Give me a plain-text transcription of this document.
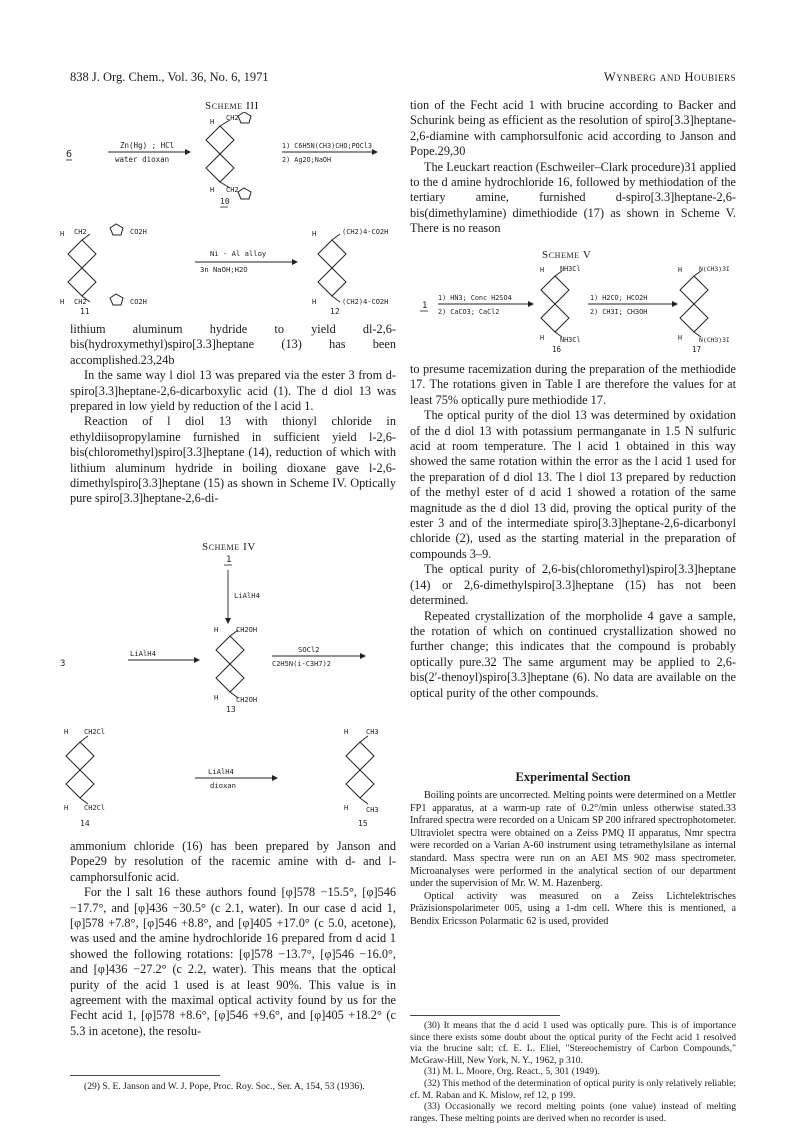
838 J. Org. Chem., Vol. 36, No. 6, 1971	Wynberg and Houbiers
Scheme III
6
Zn(Hg) ; HCl
water dioxan
H CH2
H CH2
10
1) C6H5N(CH3)CHO;POCl3
2) Ag2O;NaOH
H CH2	CO2H
H CH2	CO2H
11
Ni - Al alloy
3n NaOH;H2O
H	(CH2)4-CO2H
H	(CH2)4-CO2H
12

lithium aluminum hydride to yield dl-2,6-bis(hydroxymethyl)spiro[3.3]heptane (13) has been accomplished.23,24b

In the same way l diol 13 was prepared via the ester 3 from d-spiro[3.3]heptane-2,6-dicarboxylic acid (1). The d diol 13 was prepared in low yield by reduction of the l acid 1.

Reaction of l diol 13 with thionyl chloride in ethyldiisopropylamine furnished in sufficient yield l-2,6-bis(chloromethyl)spiro[3.3]heptane (14), reduction of which with lithium aluminum hydride in boiling dioxane gave l-2,6-dimethylspiro[3.3]heptane (15) as shown in Scheme IV. Optically pure spiro[3.3]heptane-2,6-di-

Scheme IV
1
LiAlH4
H	CH2OH
H	CH2OH
13
3
LiAlH4	SOCl2
C2H5N(i-C3H7)2
H CH2Cl
H CH2Cl
14
LiAlH4
dioxan
H	CH3
H	CH3
15

ammonium chloride (16) has been prepared by Janson and Pope29 by resolution of the racemic amine with d- and l-camphorsulfonic acid.

For the l salt 16 these authors found [φ]578 −15.5°, [φ]546 −17.7°, and [φ]436 −30.5° (c 2.1, water). In our case d acid 1, [φ]578 +7.8°, [φ]546 +8.8°, and [φ]405 +17.0° (c 5.0, acetone), was used and the amine hydrochloride 16 prepared from d acid 1 showed the following rotations: [φ]578 −13.7°, [φ]546 −16.0°, and [φ]436 −27.2° (c 2.2, water). This means that the optical purity of the acid 1 used is at least 90%. This value is in agreement with the maximal optical activity found by us for the Fecht acid 1, [φ]578 +8.6°, [φ]546 +9.6°, and [φ]405 +18.2° (c 5.3 in acetone), the resolu-

(29) S. E. Janson and W. J. Pope, Proc. Roy. Soc., Ser. A, 154, 53 (1936).

tion of the Fecht acid 1 with brucine according to Backer and Schurink being as efficient as the resolution of spiro[3.3]heptane-2,6-diamine with camphorsulfonic acid according to Janson and Pope.29,30

The Leuckart reaction (Eschweiler–Clark procedure)31 applied to the d amine hydrochloride 16, followed by methiodation of the tertiary amine, furnished d-spiro[3.3]heptane-2,6-bis(dimethylamine) dimethiodide (17) as shown in Scheme V. There is no reason

Scheme V
1
1) HN3; Conc H2SO4
2) CaCO3; CaCl2
H NH3Cl
H NH3Cl
16
1) H2CO; HCO2H
2) CH3I; CH3OH
H	N(CH3)3I
H	N(CH3)3I
17

to presume racemization during the preparation of the methiodide 17. The rotations given in Table I are therefore the values for at least 75% optically pure methiodide 17.

The optical purity of the diol 13 was determined by oxidation of the d diol 13 with potassium permanganate in 1.5 N sulfuric acid at room temperature. The l acid 1 obtained in this way showed the same rotation within the error as the l acid 1 used for the preparation of d diol 13. The l diol 13 prepared by reduction of the methyl ester of d acid 1 showed a rotation of the same magnitude as the d diol 13 did, proving the optical purity of the ester 3 and of the intermediate spiro[3.3]heptane-2,6-dicarbonyl chloride (2), used as the starting material in the preparation of compounds 3–9.

The optical purity of 2,6-bis(chloromethyl)spiro[3.3]heptane (14) or 2,6-dimethylspiro[3.3]heptane (15) has not been determined.

Repeated crystallization of the morpholide 4 gave a sample, the rotation of which on continued crystallization showed no further change; this indicates that the compound is probably optically pure.32 The same argument may be applied to 2,6-bis(2′-thenoyl)spiro[3.3]heptane (6). No data are available on the optical purity of the other compounds.

Experimental Section

Boiling points are uncorrected. Melting points were determined on a Mettler FP1 apparatus, at a warm-up rate of 0.2°/min unless otherwise stated.33 Infrared spectra were recorded on a Unicam SP 200 infrared spectrophotometer. Ultraviolet spectra were obtained on a Zeiss PMQ II apparatus, Nmr spectra were recorded on a Varian A-60 instrument using tetramethylsilane as internal standard. Mass spectra were run on an AEI MS 902 mass spectrometer. Microanalyses were performed in the analytical section of our department under the supervision of Mr. W. M. Hazenberg.

Optical activity was measured on a Zeiss Lichtelektrisches Präzisionspolarimeter 005, using a 1-dm cell. Where this is mentioned, a Bendix Ericsson Polarmatic 62 is used, provided

(30) It means that the d acid 1 used was optically pure. This is of importance since there exists some doubt about the optical purity of the Fecht acid 1 resolved via the brucine salt; cf. E. L. Eliel, "Stereochemistry of Carbon Compounds," McGraw-Hill, New York, N. Y., 1962, p 310.

(31) M. L. Moore, Org. React., 5, 301 (1949).

(32) This method of the determination of optical purity is only relatively reliable; cf. M. Raban and K. Mislow, ref 12, p 199.

(33) Occasionally we record melting points (one value) instead of melting ranges. These melting points are derived when no recorder is used.
